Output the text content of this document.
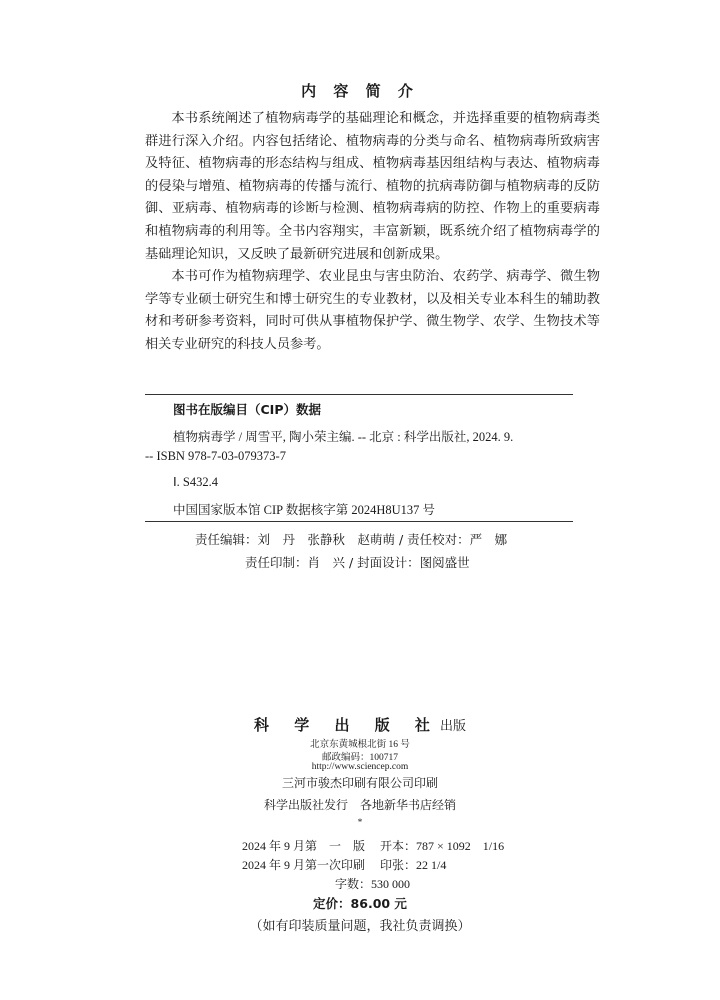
内 容 简 介

本书系统阐述了植物病毒学的基础理论和概念，并选择重要的植物病毒类群进行深入介绍。内容包括绪论、植物病毒的分类与命名、植物病毒所致病害及特征、植物病毒的形态结构与组成、植物病毒基因组结构与表达、植物病毒的侵染与增殖、植物病毒的传播与流行、植物的抗病毒防御与植物病毒的反防御、亚病毒、植物病毒的诊断与检测、植物病毒病的防控、作物上的重要病毒和植物病毒的利用等。全书内容翔实，丰富新颖，既系统介绍了植物病毒学的基础理论知识，又反映了最新研究进展和创新成果。

本书可作为植物病理学、农业昆虫与害虫防治、农药学、病毒学、微生物学等专业硕士研究生和博士研究生的专业教材，以及相关专业本科生的辅助教材和考研参考资料，同时可供从事植物保护学、微生物学、农学、生物技术等相关专业研究的科技人员参考。

图书在版编目（CIP）数据
植物病毒学 / 周雪平, 陶小荣主编. -- 北京 : 科学出版社, 2024. 9.
-- ISBN 978-7-03-079373-7
Ⅰ. S432.4
中国国家版本馆 CIP 数据核字第 2024H8U137 号
责任编辑：刘　丹　张静秋　赵萌萌 / 责任校对：严　娜
责任印制：肖　兴 / 封面设计：图阅盛世
科 学 出 版 社出版
北京东黄城根北街 16 号
邮政编码：100717
http://www.sciencep.com
三河市骏杰印刷有限公司印刷
科学出版社发行　各地新华书店经销
*
2024 年 9 月第　一　版　 开本：787 × 1092　1/16
2024 年 9 月第一次印刷　 印张：22 1/4
字数：530 000
定价：86.00 元
（如有印装质量问题，我社负责调换）
